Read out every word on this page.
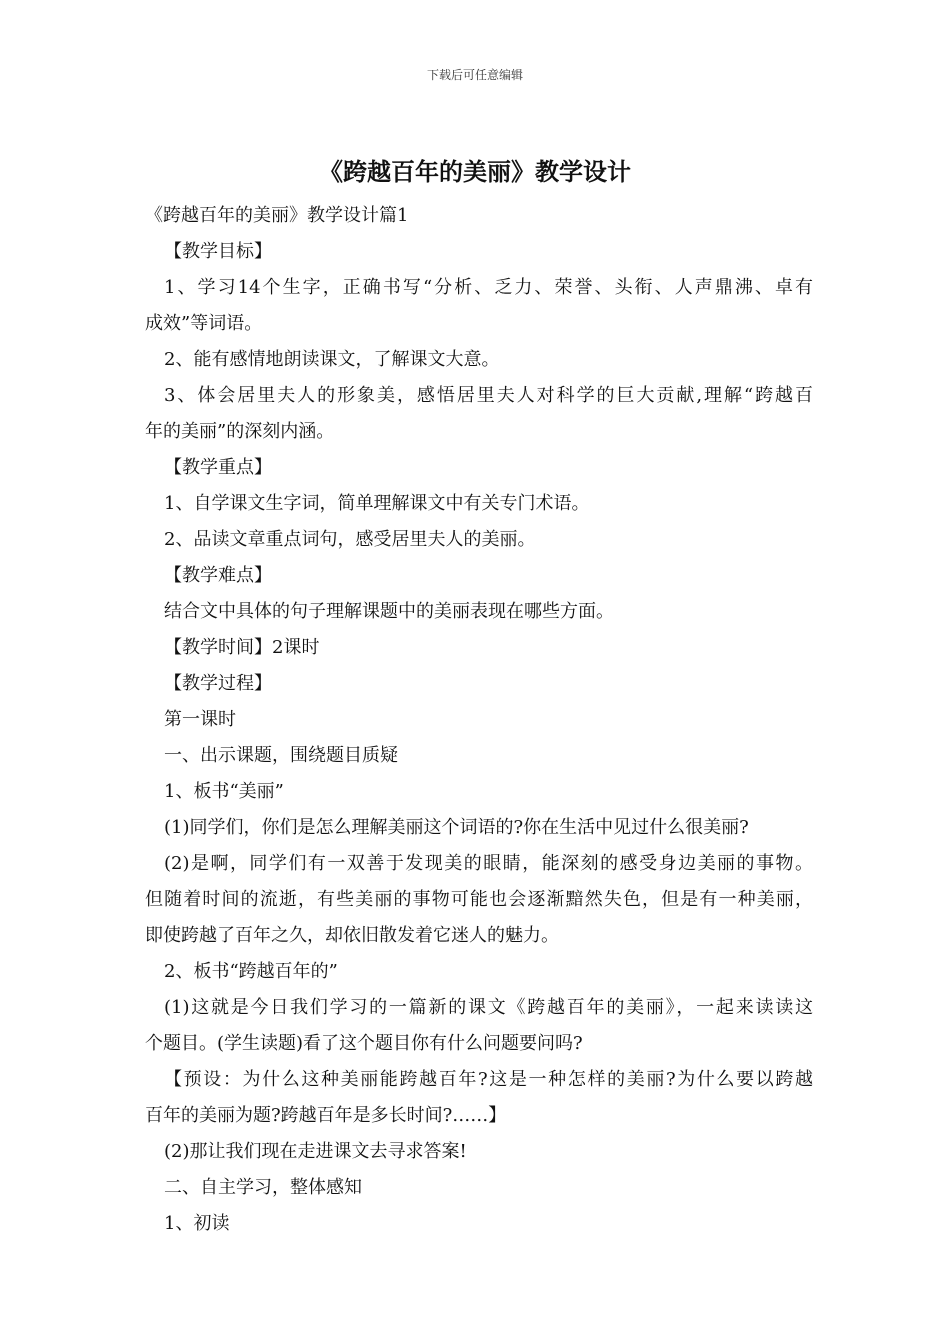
下载后可任意编辑
《跨越百年的美丽》教学设计
《跨越百年的美丽》教学设计篇1
【教学目标】
1、学习14个生字，正确书写“分析、乏力、荣誉、头衔、人声鼎沸、卓有
成效”等词语。
2、能有感情地朗读课文，了解课文大意。
3、体会居里夫人的形象美，感悟居里夫人对科学的巨大贡献,理解“跨越百
年的美丽”的深刻内涵。
【教学重点】
1、自学课文生字词，简单理解课文中有关专门术语。
2、品读文章重点词句，感受居里夫人的美丽。
【教学难点】
结合文中具体的句子理解课题中的美丽表现在哪些方面。
【教学时间】2课时
【教学过程】
第一课时
一、出示课题，围绕题目质疑
1、板书“美丽”
(1)同学们，你们是怎么理解美丽这个词语的?你在生活中见过什么很美丽?
(2)是啊，同学们有一双善于发现美的眼睛，能深刻的感受身边美丽的事物。
但随着时间的流逝，有些美丽的事物可能也会逐渐黯然失色，但是有一种美丽，
即使跨越了百年之久，却依旧散发着它迷人的魅力。
2、板书“跨越百年的”
(1)这就是今日我们学习的一篇新的课文《跨越百年的美丽》，一起来读读这
个题目。(学生读题)看了这个题目你有什么问题要问吗?
【预设：为什么这种美丽能跨越百年?这是一种怎样的美丽?为什么要以跨越
百年的美丽为题?跨越百年是多长时间?……】
(2)那让我们现在走进课文去寻求答案!
二、自主学习，整体感知
1、初读
